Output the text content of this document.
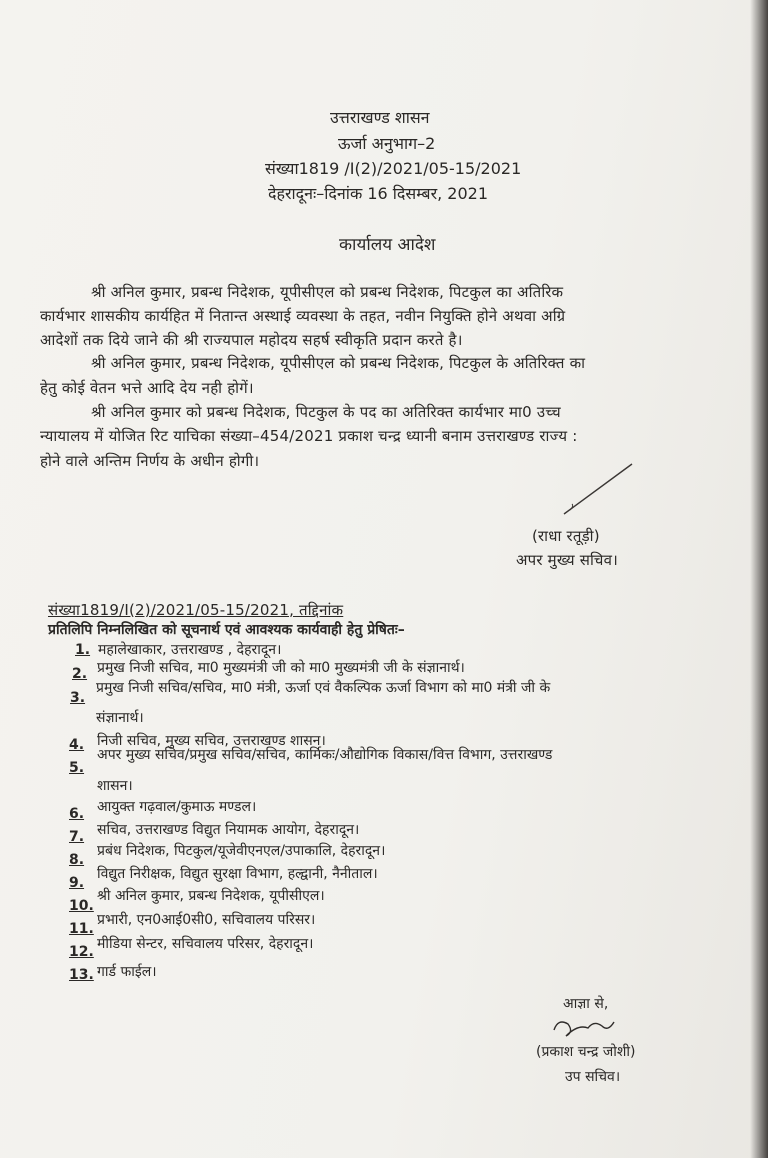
उत्तराखण्ड शासन
ऊर्जा अनुभाग–2
संख्या1819 /I(2)/2021/05-15/2021
देहरादूनः–दिनांक 16 दिसम्बर, 2021
कार्यालय आदेश
श्री अनिल कुमार, प्रबन्ध निदेशक, यूपीसीएल को प्रबन्ध निदेशक, पिटकुल का अतिरिक
कार्यभार शासकीय कार्यहित में नितान्त अस्थाई व्यवस्था के तहत, नवीन नियुक्ति होने अथवा अग्रि
आदेशों तक दिये जाने की श्री राज्यपाल महोदय सहर्ष स्वीकृति प्रदान करते है।
श्री अनिल कुमार, प्रबन्ध निदेशक, यूपीसीएल को प्रबन्ध निदेशक, पिटकुल के अतिरिक्त का
हेतु कोई वेतन भत्ते आदि देय नही होगें।
श्री अनिल कुमार को प्रबन्ध निदेशक, पिटकुल के पद का अतिरिक्त कार्यभार मा0 उच्च
न्यायालय में योजित रिट याचिका संख्या–454/2021 प्रकाश चन्द्र ध्यानी बनाम उत्तराखण्ड राज्य :
होने वाले अन्तिम निर्णय के अधीन होगी।
(राधा रतूड़ी)
अपर मुख्य सचिव।
संख्या1819/I(2)/2021/05-15/2021, तद्दिनांक
प्रतिलिपि निम्नलिखित को सूचनार्थ एवं आवश्यक कार्यवाही हेतु प्रेषितः–
1. महालेखाकार, उत्तराखण्ड , देहरादून।
2. प्रमुख निजी सचिव, मा0 मुख्यमंत्री जी को मा0 मुख्यमंत्री जी के संज्ञानार्थ।
3.
प्रमुख निजी सचिव/सचिव, मा0 मंत्री, ऊर्जा एवं वैकल्पिक ऊर्जा विभाग को मा0 मंत्री जी के
संज्ञानार्थ।
4. निजी सचिव, मुख्य सचिव, उत्तराखण्ड शासन।
5.
अपर मुख्य सचिव/प्रमुख सचिव/सचिव, कार्मिकः/औद्योगिक विकास/वित्त विभाग, उत्तराखण्ड
शासन।
6. आयुक्त गढ़वाल/कुमाऊ मण्डल।
7. सचिव, उत्तराखण्ड विद्युत नियामक आयोग, देहरादून।
8.
प्रबंध निदेशक, पिटकुल/यूजेवीएनएल/उपाकालि, देहरादून।
9.
विद्युत निरीक्षक, विद्युत सुरक्षा विभाग, हल्द्वानी, नैनीताल।
10.
श्री अनिल कुमार, प्रबन्ध निदेशक, यूपीसीएल।
11.
प्रभारी, एन0आई0सी0, सचिवालय परिसर।
12. मीडिया सेन्टर, सचिवालय परिसर, देहरादून।
13. गार्ड फाईल।
आज्ञा से,
(प्रकाश चन्द्र जोशी)
उप सचिव।
